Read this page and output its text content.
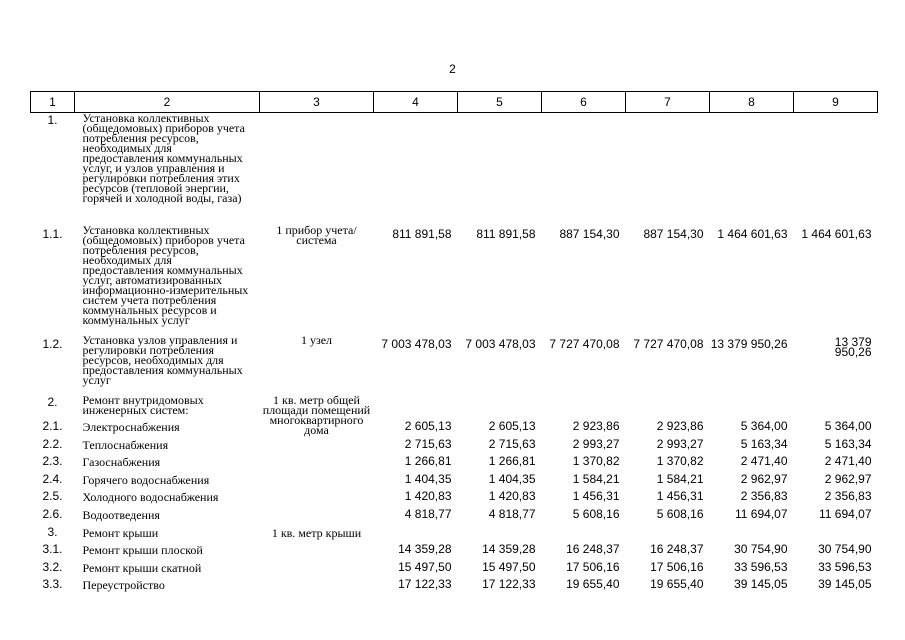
2
1	2	3	4	5	6	7	8	9
1.	Установка коллективных (общедомовых) приборов учета потребления ресурсов, необходимых для предоставления коммунальных услуг, и узлов управления и регулировки потребления этих ресурсов (тепловой энергии, горячей и холодной воды, газа)							
1.1.	Установка коллективных (общедомовых) приборов учета потребления ресурсов, необходимых для предоставления коммунальных услуг, автоматизированных информационно-измерительных систем учета потребления коммунальных ресурсов и коммунальных услуг	1 прибор учета/ система	811 891,58	811 891,58	887 154,30	887 154,30	1 464 601,63	1 464 601,63
1.2.	Установка узлов управления и регулировки потребления ресурсов, необходимых для предоставления коммунальных услуг	1 узел	7 003 478,03	7 003 478,03	7 727 470,08	7 727 470,08	13 379 950,26	13 379 950,26
2.	Ремонт внутридомовых инженерных систем:	1 кв. метр общей площади помещений многоквартирного дома						
2.1.	Электроснабжения		2 605,13	2 605,13	2 923,86	2 923,86	5 364,00	5 364,00
2.2.	Теплоснабжения		2 715,63	2 715,63	2 993,27	2 993,27	5 163,34	5 163,34
2.3.	Газоснабжения		1 266,81	1 266,81	1 370,82	1 370,82	2 471,40	2 471,40
2.4.	Горячего водоснабжения		1 404,35	1 404,35	1 584,21	1 584,21	2 962,97	2 962,97
2.5.	Холодного водоснабжения		1 420,83	1 420,83	1 456,31	1 456,31	2 356,83	2 356,83
2.6.	Водоотведения		4 818,77	4 818,77	5 608,16	5 608,16	11 694,07	11 694,07
3.	Ремонт крыши	1 кв. метр крыши						
3.1.	Ремонт крыши плоской		14 359,28	14 359,28	16 248,37	16 248,37	30 754,90	30 754,90
3.2.	Ремонт крыши скатной		15 497,50	15 497,50	17 506,16	17 506,16	33 596,53	33 596,53
3.3.	Переустройство		17 122,33	17 122,33	19 655,40	19 655,40	39 145,05	39 145,05
